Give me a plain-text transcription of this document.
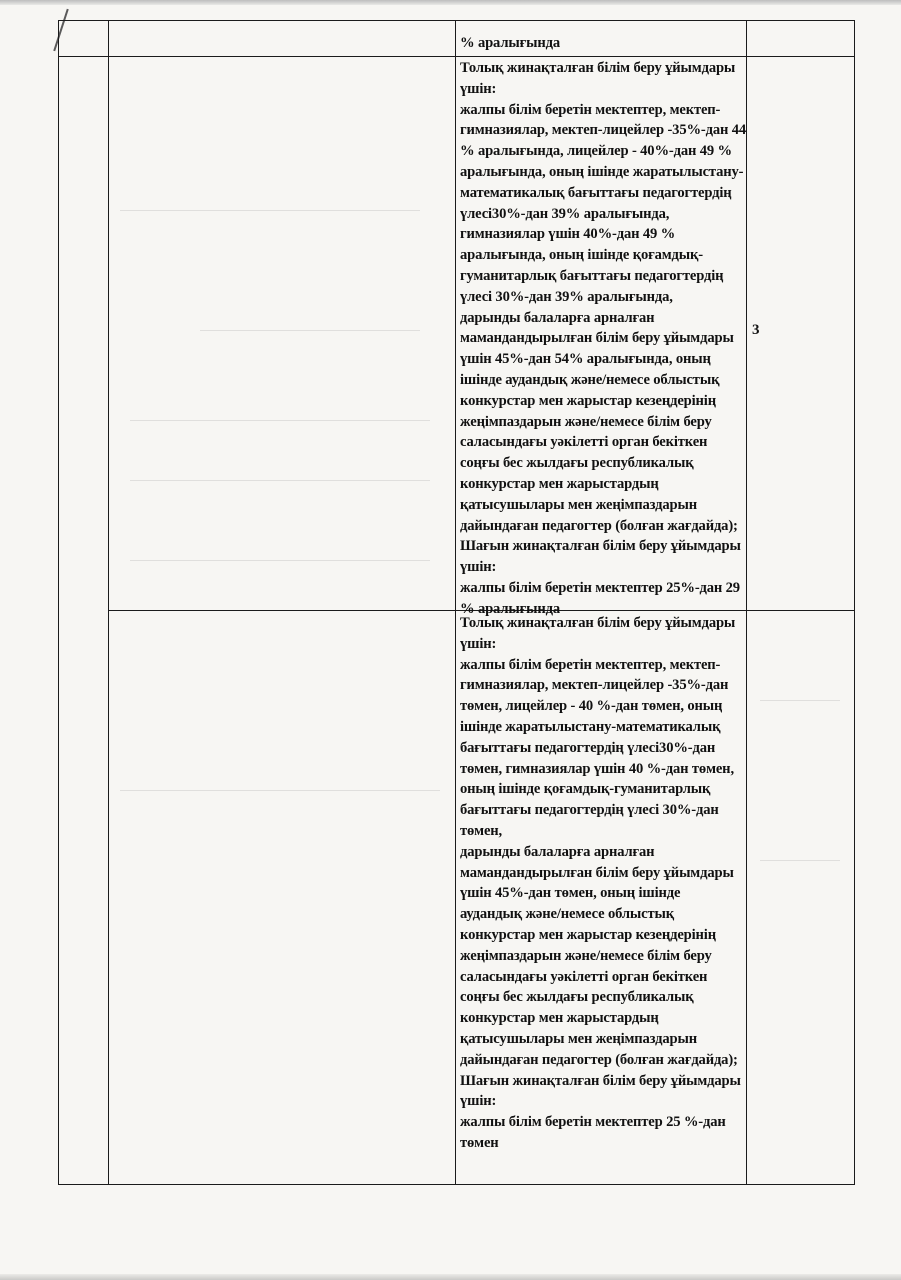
% аралығында

Толық жинақталған білім беру ұйымдары

үшін:

жалпы білім беретін мектептер, мектеп-

гимназиялар, мектеп-лицейлер -35%-дан 44

% аралығында, лицейлер - 40%-дан 49 %

аралығында, оның ішінде жаратылыстану-

математикалық бағыттағы педагогтердің

үлесі30%-дан 39% аралығында,

гимназиялар үшін 40%-дан 49 %

аралығында, оның ішінде қоғамдық-

гуманитарлық бағыттағы педагогтердің

үлесі 30%-дан 39% аралығында,

дарынды балаларға арналған

мамандандырылған білім беру ұйымдары

үшін 45%-дан 54% аралығында, оның

ішінде аудандық және/немесе облыстық

конкурстар мен жарыстар кезеңдерінің

жеңімпаздарын және/немесе білім беру

саласындағы уәкілетті орган бекіткен

соңғы бес жылдағы республикалық

конкурстар мен жарыстардың

қатысушылары мен жеңімпаздарын

дайындаған педагогтер (болған жағдайда);

Шағын жинақталған білім беру ұйымдары

үшін:

жалпы білім беретін мектептер 25%-дан 29

% аралығында

3

Толық жинақталған білім беру ұйымдары

үшін:

жалпы білім беретін мектептер, мектеп-

гимназиялар, мектеп-лицейлер -35%-дан

төмен, лицейлер - 40 %-дан төмен, оның

ішінде жаратылыстану-математикалық

бағыттағы педагогтердің үлесі30%-дан

төмен, гимназиялар үшін 40 %-дан төмен,

оның ішінде қоғамдық-гуманитарлық

бағыттағы педагогтердің үлесі 30%-дан

төмен,

дарынды балаларға арналған

мамандандырылған білім беру ұйымдары

үшін 45%-дан төмен, оның ішінде

аудандық және/немесе облыстық

конкурстар мен жарыстар кезеңдерінің

жеңімпаздарын және/немесе білім беру

саласындағы уәкілетті орган бекіткен

соңғы бес жылдағы республикалық

конкурстар мен жарыстардың

қатысушылары мен жеңімпаздарын

дайындаған педагогтер (болған жағдайда);

Шағын жинақталған білім беру ұйымдары

үшін:

жалпы білім беретін мектептер 25 %-дан

төмен
